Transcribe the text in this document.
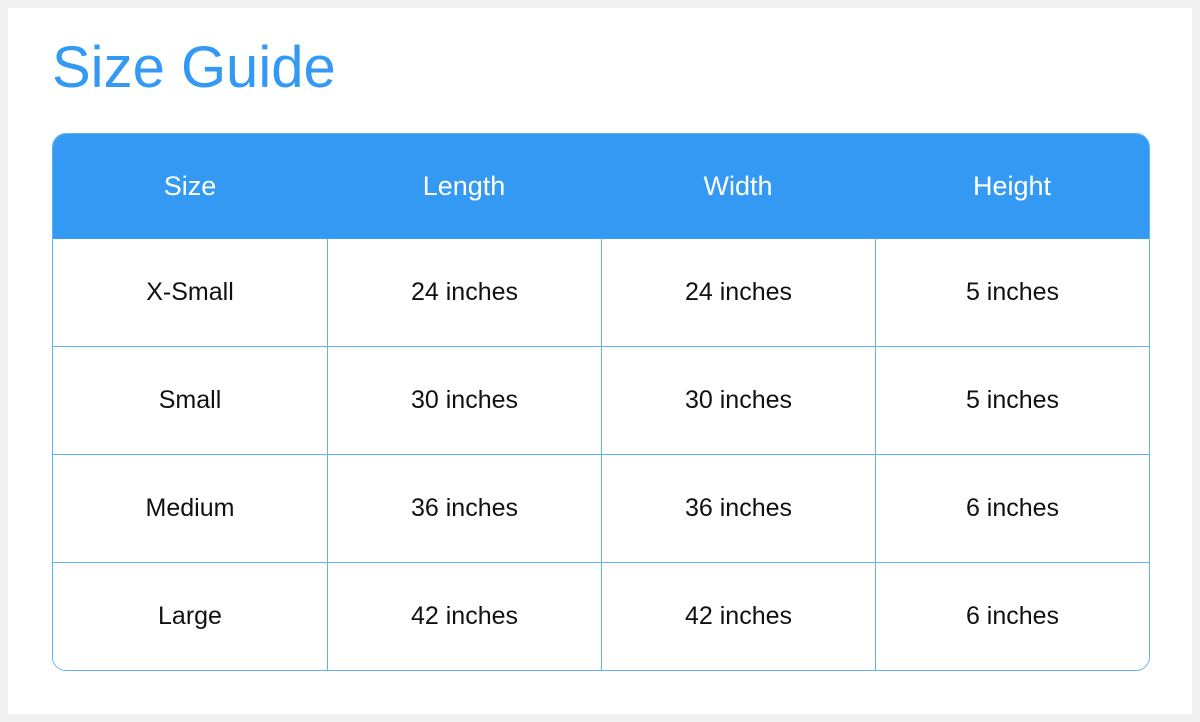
Size Guide
Size	Length	Width	Height
X-Small	24 inches	24 inches	5 inches
Small	30 inches	30 inches	5 inches
Medium	36 inches	36 inches	6 inches
Large	42 inches	42 inches	6 inches
